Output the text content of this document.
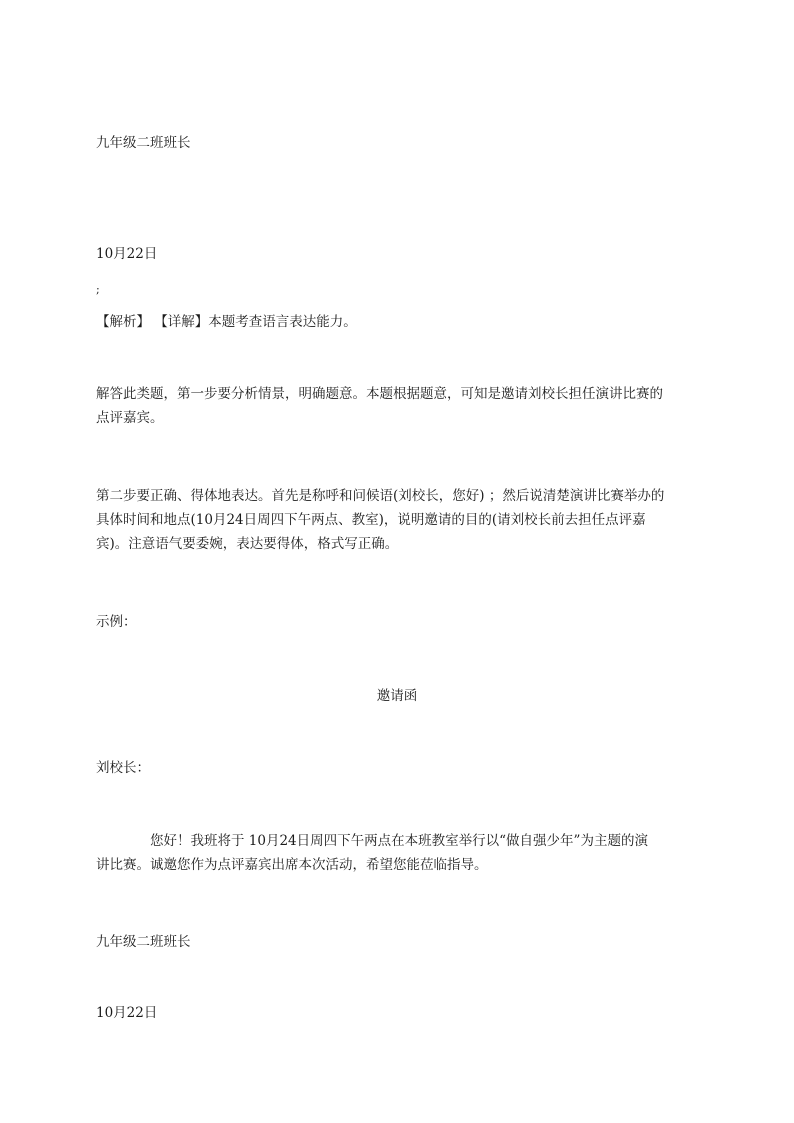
九年级二班班长
10月22日
;
【解析】 【详解】本题考查语言表达能力。
解答此类题，第一步要分析情景，明确题意。本题根据题意，可知是邀请刘校长担任演讲比赛的
点评嘉宾。
第二步要正确、得体地表达。首先是称呼和问候语(刘校长，您好) ；然后说清楚演讲比赛举办的
具体时间和地点(10月24日周四下午两点、教室)，说明邀请的目的(请刘校长前去担任点评嘉
宾)。注意语气要委婉，表达要得体，格式写正确。
示例：
邀请函
刘校长：
您好！我班将于 10月24日周四下午两点在本班教室举行以“做自强少年”为主题的演
讲比赛。诚邀您作为点评嘉宾出席本次活动，希望您能莅临指导。
九年级二班班长
10月22日
